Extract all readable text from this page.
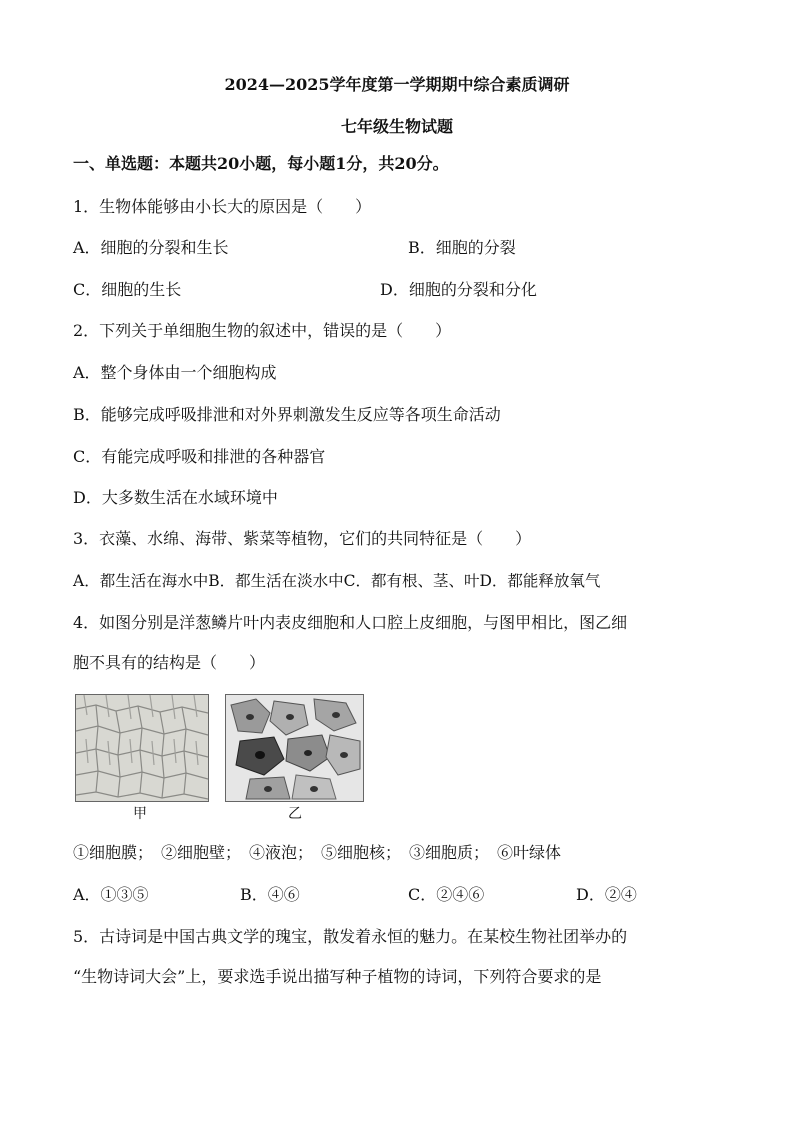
2024—2025学年度第一学期期中综合素质调研
七年级生物试题
一、单选题：本题共20小题，每小题1分，共20分。
1．生物体能够由小长大的原因是（　　）
A．细胞的分裂和生长	B．细胞的分裂
C．细胞的生长	D．细胞的分裂和分化
2．下列关于单细胞生物的叙述中，错误的是（　　）
A．整个身体由一个细胞构成
B．能够完成呼吸排泄和对外界刺激发生反应等各项生命活动
C．有能完成呼吸和排泄的各种器官
D．大多数生活在水域环境中
3．衣藻、水绵、海带、紫菜等植物，它们的共同特征是（　　）
A．都生活在海水中B．都生活在淡水中C．都有根、茎、叶D．都能释放氧气
4．如图分别是洋葱鳞片叶内表皮细胞和人口腔上皮细胞，与图甲相比，图乙细
胞不具有的结构是（　　）
甲	乙
①细胞膜；　②细胞壁；　④液泡；　⑤细胞核；　③细胞质；　⑥叶绿体
A．①③⑤	B．④⑥	C．②④⑥	D．②④
5．古诗词是中国古典文学的瑰宝，散发着永恒的魅力。在某校生物社团举办的
“生物诗词大会”上，要求选手说出描写种子植物的诗词，下列符合要求的是
